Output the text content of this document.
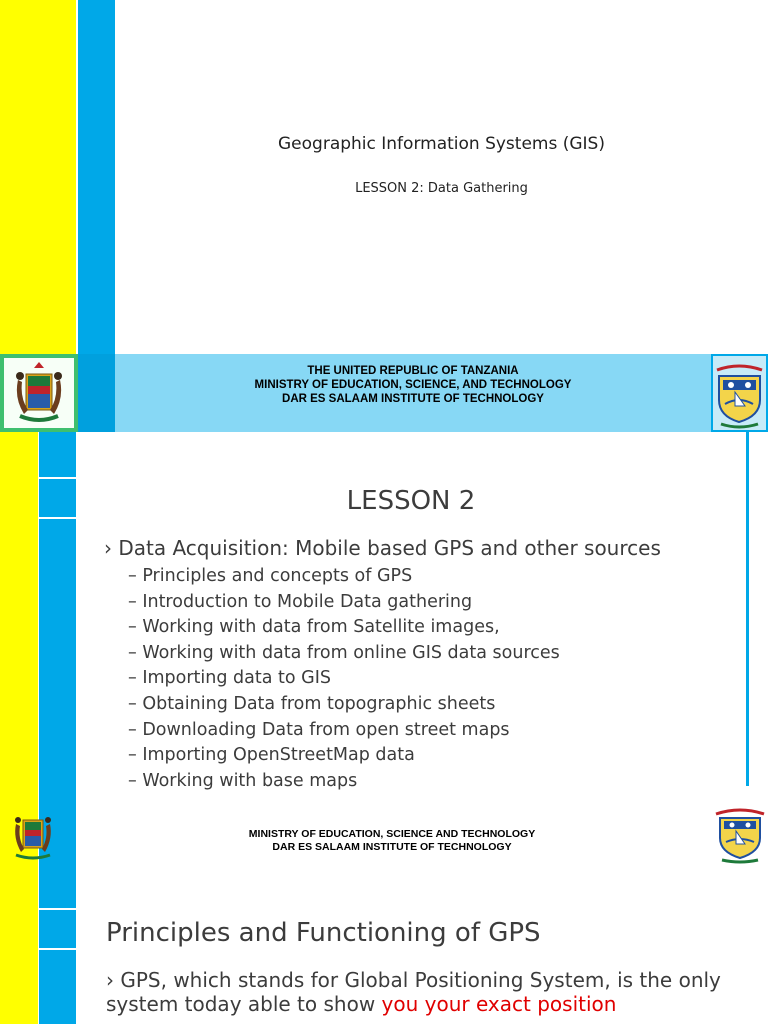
Geographic Information Systems (GIS)
LESSON 2: Data Gathering
THE UNITED REPUBLIC OF TANZANIA
MINISTRY OF EDUCATION, SCIENCE, AND TECHNOLOGY
DAR ES SALAAM INSTITUTE OF TECHNOLOGY
LESSON 2
› Data Acquisition: Mobile based GPS and other sources
– Principles and concepts of GPS
– Introduction to Mobile Data gathering
– Working with data from Satellite images,
– Working with data from online GIS data sources
– Importing data to GIS
– Obtaining Data from topographic sheets
– Downloading Data from open street maps
– Importing OpenStreetMap data
– Working with base maps
MINISTRY OF EDUCATION, SCIENCE AND TECHNOLOGY
DAR ES SALAAM INSTITUTE OF TECHNOLOGY
Principles and Functioning of GPS
› GPS, which stands for Global Positioning System, is the only system today able to show you your exact position
